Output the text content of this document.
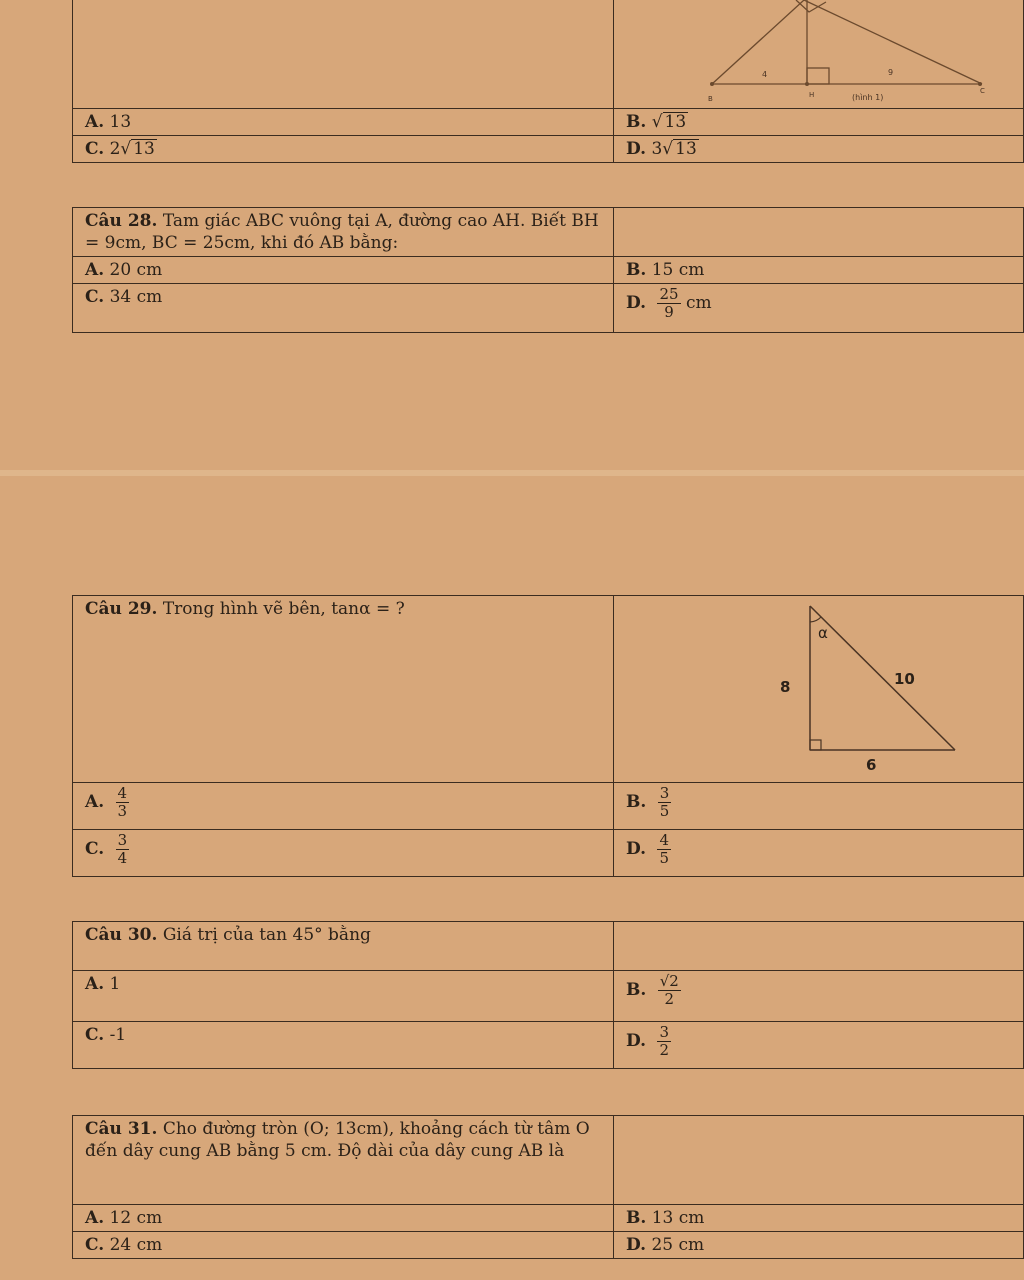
4	9
B	H	C
(hình 1)

A. 13	B. √ 13
C. 2√ 13	D. 3√ 13
Câu 28. Tam giác ABC vuông tại A, đường cao AH. Biết BH = 9cm, BC = 25cm, khi đó AB bằng:	
A. 20 cm	B. 15 cm
C. 34 cm	D. $\frac{25}{9}$ cm
Câu 29. Trong hình vẽ bên, tanα = ?	
A. $\frac{4}{3}$	B. $\frac{3}{5}$

C. $\frac{3}{4}$	D. $\frac{4}{5}$
α
8	10
6
Câu 30. Giá trị của tan 45° bằng	
A. 1	B. $\frac{√2}{2}$

C. -1	D. $\frac{3}{2}$
Câu 31. Cho đường tròn (O; 13cm), khoảng cách từ tâm O đến dây cung AB bằng 5 cm. Độ dài của dây cung AB là	
A. 12 cm	B. 13 cm
C. 24 cm	D. 25 cm
